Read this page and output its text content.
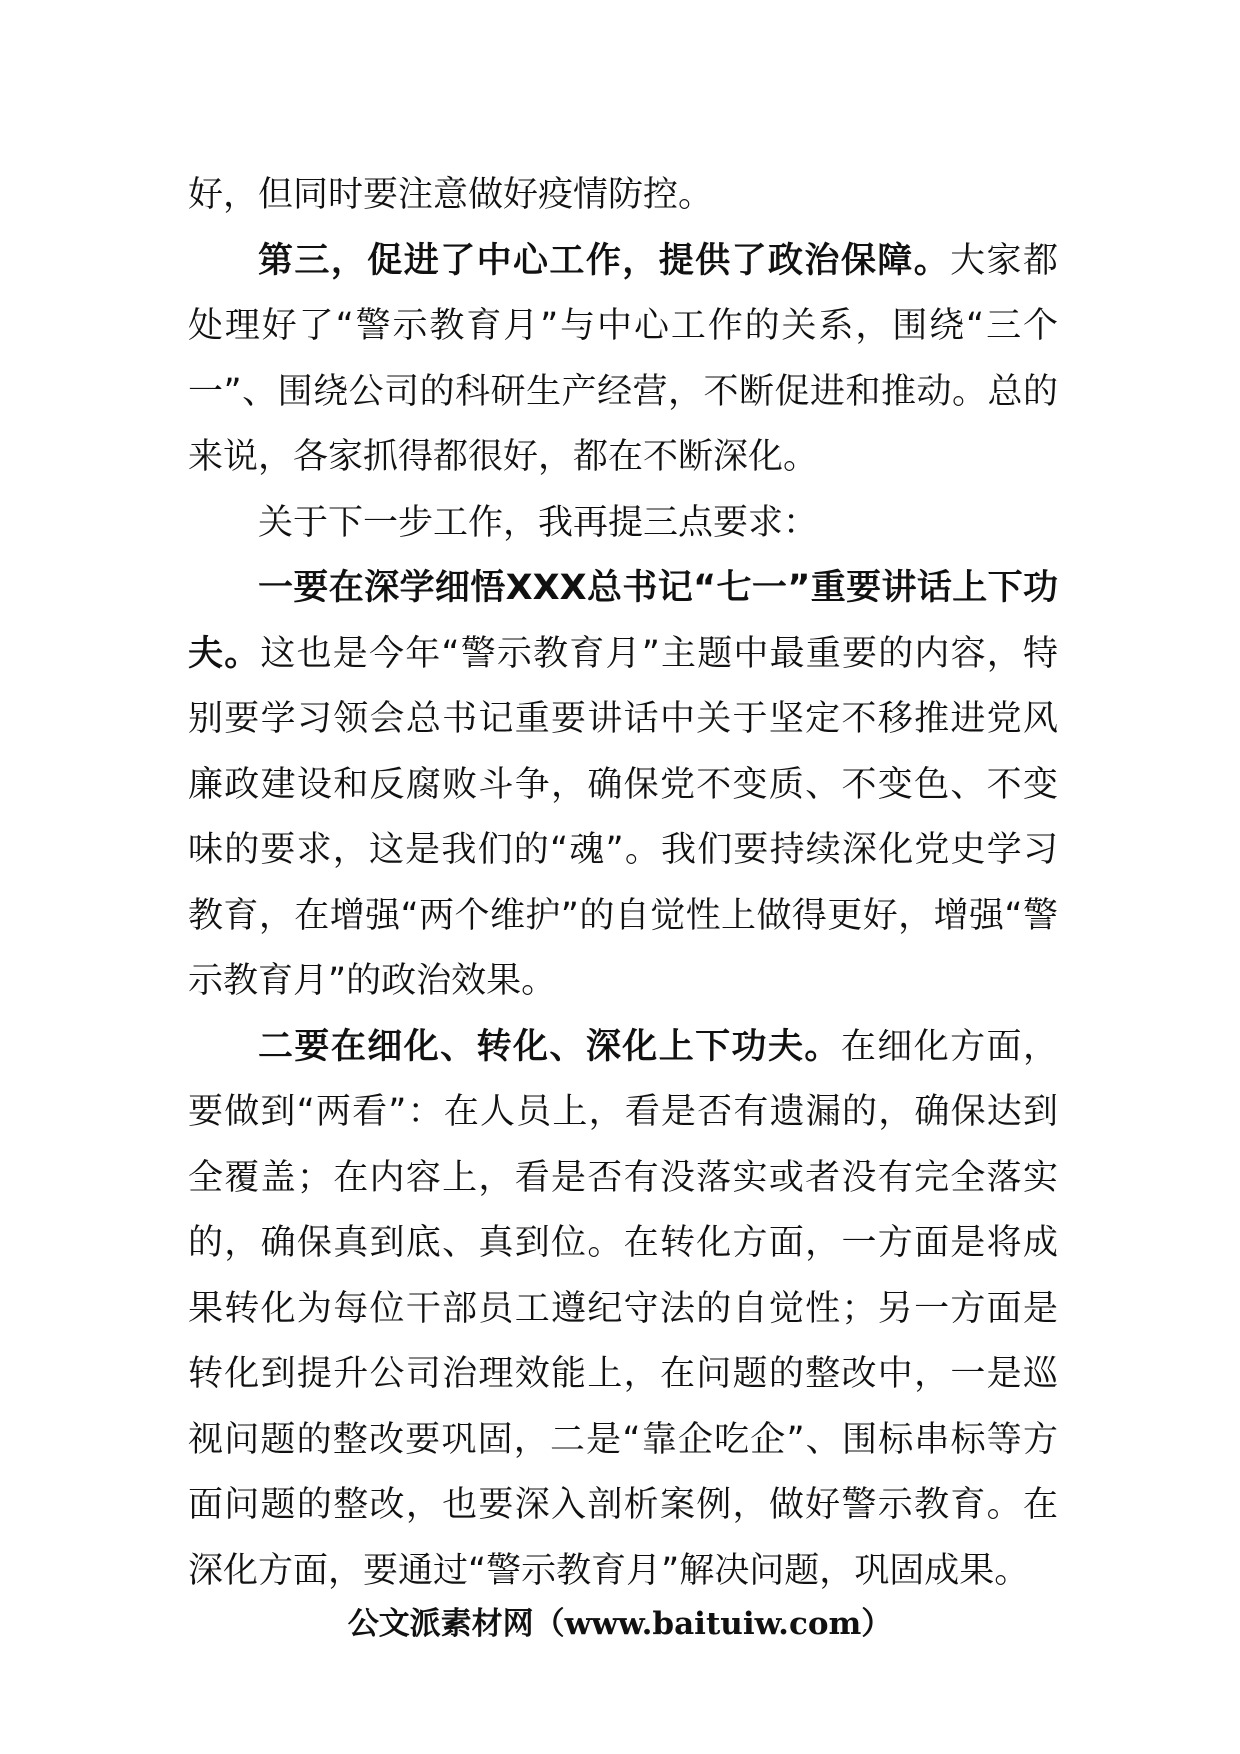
好，但同时要注意做好疫情防控。

第三，促进了中心工作，提供了政治保障。大家都处理好了“警示教育月”与中心工作的关系，围绕“三个一”、围绕公司的科研生产经营，不断促进和推动。总的来说，各家抓得都很好，都在不断深化。

关于下一步工作，我再提三点要求：

一要在深学细悟XXX总书记“七一”重要讲话上下功夫。这也是今年“警示教育月”主题中最重要的内容，特别要学习领会总书记重要讲话中关于坚定不移推进党风廉政建设和反腐败斗争，确保党不变质、不变色、不变味的要求，这是我们的“魂”。我们要持续深化党史学习教育，在增强“两个维护”的自觉性上做得更好，增强“警示教育月”的政治效果。

二要在细化、转化、深化上下功夫。在细化方面，要做到“两看”：在人员上，看是否有遗漏的，确保达到全覆盖；在内容上，看是否有没落实或者没有完全落实的，确保真到底、真到位。在转化方面，一方面是将成果转化为每位干部员工遵纪守法的自觉性；另一方面是转化到提升公司治理效能上，在问题的整改中，一是巡视问题的整改要巩固，二是“靠企吃企”、围标串标等方面问题的整改，也要深入剖析案例，做好警示教育。在深化方面，要通过“警示教育月”解决问题，巩固成果。

公文派素材网（www.baituiw.com）
